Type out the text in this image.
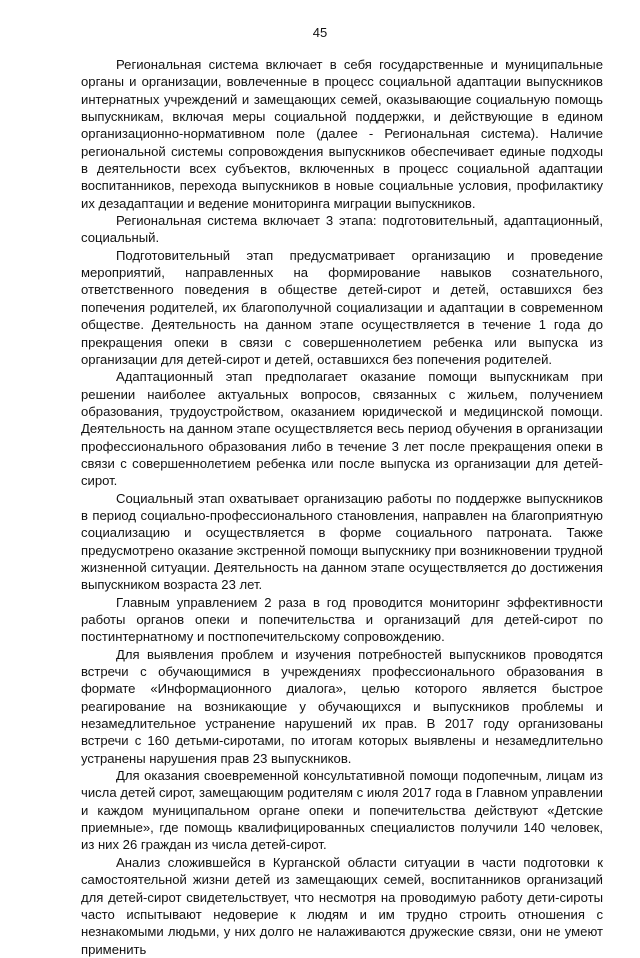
45

Региональная система включает в себя государственные и муниципальные органы и организации, вовлеченные в процесс социальной адаптации выпускников интернатных учреждений и замещающих семей, оказывающие социальную помощь выпускникам, включая меры социальной поддержки, и действующие в едином организационно-нормативном поле (далее - Региональная система). Наличие региональной системы сопровождения выпускников обеспечивает единые подходы в деятельности всех субъектов, включенных в процесс социальной адаптации воспитанников, перехода выпускников в новые социальные условия, профилактику их дезадаптации и ведение мониторинга миграции выпускников.

Региональная система включает 3 этапа: подготовительный, адаптационный, социальный.

Подготовительный этап предусматривает организацию и проведение мероприятий, направленных на формирование навыков сознательного, ответственного поведения в обществе детей-сирот и детей, оставшихся без попечения родителей, их благополучной социализации и адаптации в современном обществе. Деятельность на данном этапе осуществляется в течение 1 года до прекращения опеки в связи с совершеннолетием ребенка или выпуска из организации для детей-сирот и детей, оставшихся без попечения родителей.

Адаптационный этап предполагает оказание помощи выпускникам при решении наиболее актуальных вопросов, связанных с жильем, получением образования, трудоустройством, оказанием юридической и медицинской помощи. Деятельность на данном этапе осуществляется весь период обучения в организации профессионального образования либо в течение 3 лет после прекращения опеки в связи с совершеннолетием ребенка или после выпуска из организации для детей-сирот.

Социальный этап охватывает организацию работы по поддержке выпускников в период социально-профессионального становления, направлен на благоприятную социализацию и осуществляется в форме социального патроната. Также предусмотрено оказание экстренной помощи выпускнику при возникновении трудной жизненной ситуации. Деятельность на данном этапе осуществляется до достижения выпускником возраста 23 лет.

Главным управлением 2 раза в год проводится мониторинг эффективности работы органов опеки и попечительства и организаций для детей-сирот по постинтернатному и постпопечительскому сопровождению.

Для выявления проблем и изучения потребностей выпускников проводятся встречи с обучающимися в учреждениях профессионального образования в формате «Информационного диалога», целью которого является быстрое реагирование на возникающие у обучающихся и выпускников проблемы и незамедлительное устранение нарушений их прав. В 2017 году организованы встречи с 160 детьми-сиротами, по итогам которых выявлены и незамедлительно устранены нарушения прав 23 выпускников.

Для оказания своевременной консультативной помощи подопечным, лицам из числа детей сирот, замещающим родителям с июля 2017 года в Главном управлении и каждом муниципальном органе опеки и попечительства действуют «Детские приемные», где помощь квалифицированных специалистов получили 140 человек, из них 26 граждан из числа детей-сирот.

Анализ сложившейся в Курганской области ситуации в части подготовки к самостоятельной жизни детей из замещающих семей, воспитанников организаций для детей-сирот свидетельствует, что несмотря на проводимую работу дети-сироты часто испытывают недоверие к людям и им трудно строить отношения с незнакомыми людьми, у них долго не налаживаются дружеские связи, они не умеют применить
